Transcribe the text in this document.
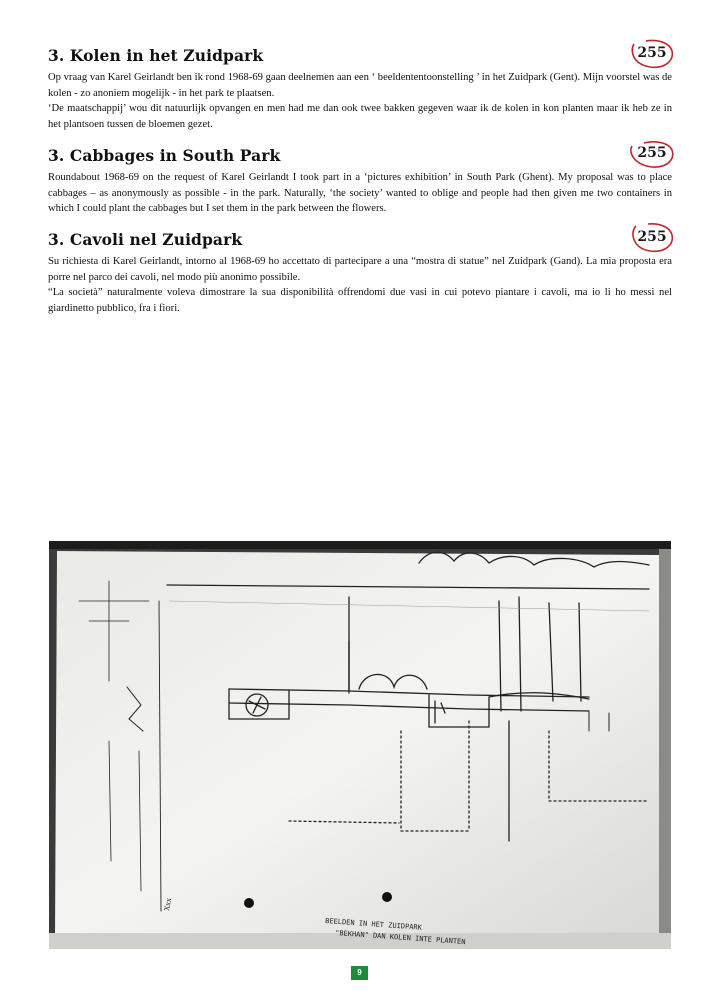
3. Kolen in het Zuidpark	255

Op vraag van Karel Geirlandt ben ik rond 1968-69 gaan deelnemen aan een ‘ beeldententoonstelling ’ in het Zuidpark (Gent). Mijn voorstel was de kolen - zo anoniem mogelijk - in het park te plaatsen.

‘De maatschappij’ wou dit natuurlijk opvangen en men had me dan ook twee bakken gegeven waar ik de kolen in kon planten maar ik heb ze in het plantsoen tussen de bloemen gezet.

3. Cabbages in South Park	255

Roundabout 1968-69 on the request of Karel Geirlandt I took part in a ‘pictures exhibition’ in South Park (Ghent). My proposal was to place cabbages – as anonymously as possible - in the park. Naturally, ‘the society’ wanted to oblige and people had then given me two containers in which I could plant the cabbages but I set them in the park between the flowers.

3. Cavoli nel Zuidpark	255

Su richiesta di Karel Geirlandt, intorno al 1968-69 ho accettato di partecipare a una “mostra di statue” nel Zuidpark (Gand). La mia proposta era porre nel parco dei cavoli, nel modo più anonimo possibile.

“La società” naturalmente voleva dimostrare la sua disponibilità offrendomi due vasi in cui potevo piantare i cavoli, ma io li ho messi nel giardinetto pubblico, fra i fiori.

BEELDEN IN HET ZUIDPARK
"BEKHAN" DAN KOLEN INTE PLANTEN
Xxx
9
